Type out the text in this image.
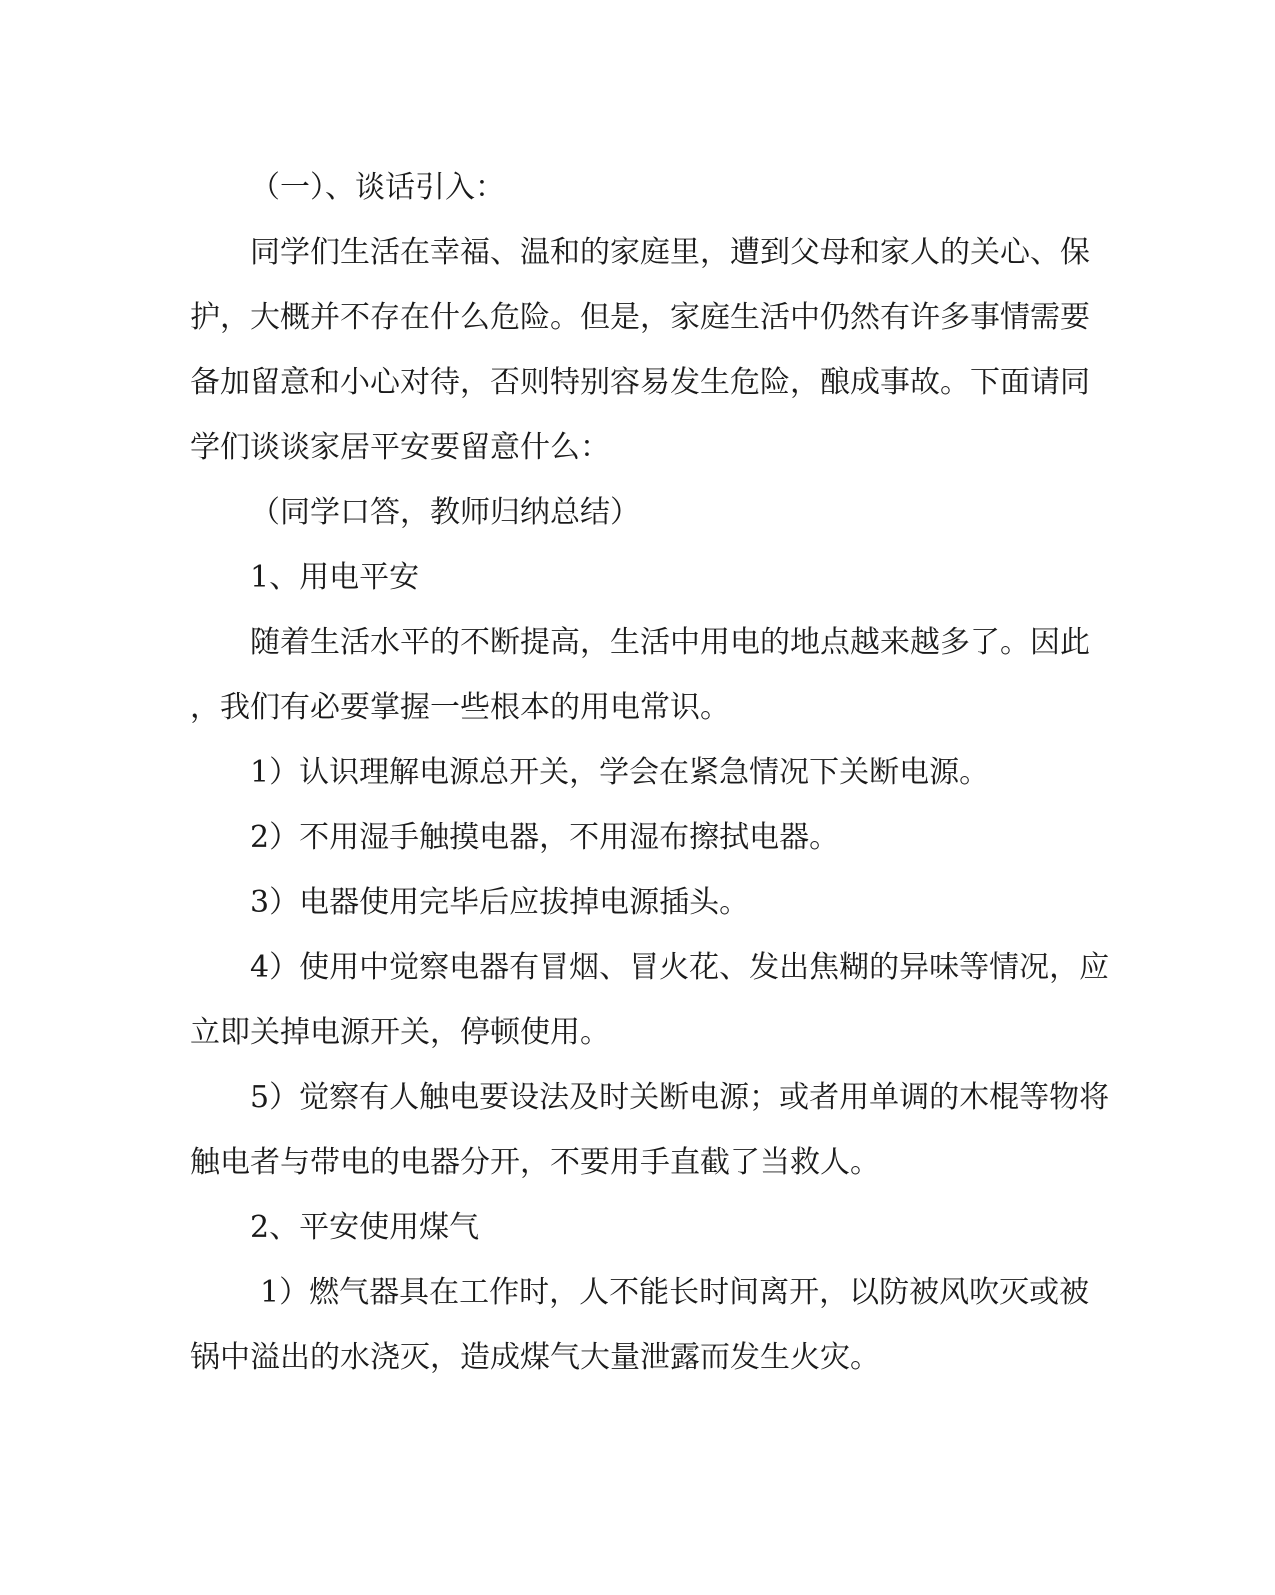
（一）、谈话引入：
同学们生活在幸福、温和的家庭里，遭到父母和家人的关心、保
护，大概并不存在什么危险。但是，家庭生活中仍然有许多事情需要
备加留意和小心对待，否则特别容易发生危险，酿成事故。下面请同
学们谈谈家居平安要留意什么：
（同学口答，教师归纳总结）
1、用电平安
随着生活水平的不断提高，生活中用电的地点越来越多了。因此
，我们有必要掌握一些根本的用电常识。
1）认识理解电源总开关，学会在紧急情况下关断电源。
2）不用湿手触摸电器，不用湿布擦拭电器。
3）电器使用完毕后应拔掉电源插头。
4）使用中觉察电器有冒烟、冒火花、发出焦糊的异味等情况，应
立即关掉电源开关，停顿使用。
5）觉察有人触电要设法及时关断电源；或者用单调的木棍等物将
触电者与带电的电器分开，不要用手直截了当救人。
2、平安使用煤气
1）燃气器具在工作时，人不能长时间离开，以防被风吹灭或被
锅中溢出的水浇灭，造成煤气大量泄露而发生火灾。
